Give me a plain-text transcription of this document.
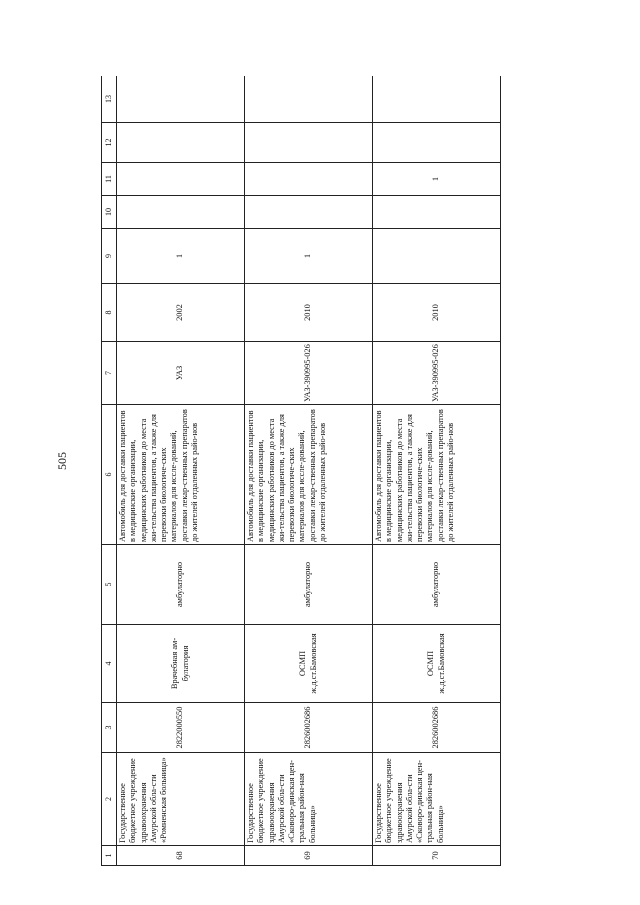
505
1	2	3	4	5	6	7	8	9	10	11	12	13
68	Государственное бюджетное учреждение здравоохранения Амурской обла-сти «Ромненская больница»	2822000550	Врачебная ам-булатория	амбулаторно	Автомобиль для доставки пациентов в медицинские организации, медицинских работников до места жи-тельства пациентов, а также для перевозки биологиче-ских материалов для иссле-дований, доставки лекар-ственных препаратов до жителей отдаленных райо-нов	УАЗ	2002	1				
69	Государственное бюджетное учреждение здравоохранения Амурской обла-сти «Сковоро-динская цен-тральная район-ная больница»	2826002686	ОСМП ж.д.ст.Бамовская	амбулаторно	Автомобиль для доставки пациентов в медицинские организации, медицинских работников до места жи-тельства пациентов, а также для перевозки биологиче-ских материалов для иссле-дований, доставки лекар-ственных препаратов до жителей отдаленных райо-нов	УАЗ-390995-026	2010	1				
70	Государственное бюджетное учреждение здравоохранения Амурской обла-сти «Сковоро-динская цен-тральная район-ная больница»	2826002686	ОСМП ж.д.ст.Бамовская	амбулаторно	Автомобиль для доставки пациентов в медицинские организации, медицинских работников до места жи-тельства пациентов, а также для перевозки биологиче-ских материалов для иссле-дований, доставки лекар-ственных препаратов до жителей отдаленных райо-нов	УАЗ-390995-026	2010			1		
